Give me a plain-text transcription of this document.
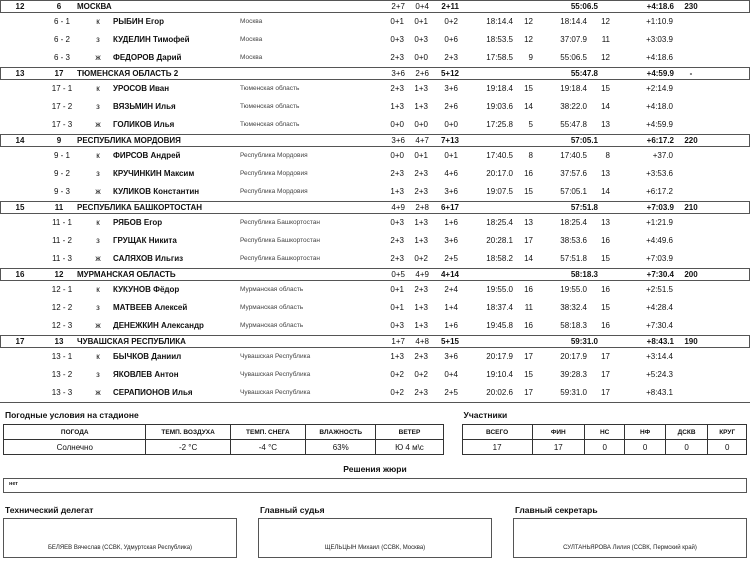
12	6	МОСКВА	2+7	0+4	2+11	55:06.5	+4:18.6	230
6 - 1	к	РЫБИН Егор	Москва	0+1	0+1	0+2	18:14.4	12	18:14.4	12	+1:10.9
6 - 2	з	КУДЕЛИН Тимофей	Москва	0+3	0+3	0+6	18:53.5	12	37:07.9	11	+3:03.9
6 - 3	ж	ФЕДОРОВ Дарий	Москва	2+3	0+0	2+3	17:58.5	9	55:06.5	12	+4:18.6
13	17	ТЮМЕНСКАЯ ОБЛАСТЬ 2	3+6	2+6	5+12	55:47.8	+4:59.9	-
17 - 1	к	УРОСОВ Иван	Тюменская область	2+3	1+3	3+6	19:18.4	15	19:18.4	15	+2:14.9
17 - 2	з	ВЯЗЬМИН Илья	Тюменская область	1+3	1+3	2+6	19:03.6	14	38:22.0	14	+4:18.0
17 - 3	ж	ГОЛИКОВ Илья	Тюменская область	0+0	0+0	0+0	17:25.8	5	55:47.8	13	+4:59.9
14	9	РЕСПУБЛИКА МОРДОВИЯ	3+6	4+7	7+13	57:05.1	+6:17.2	220
9 - 1	к	ФИРСОВ Андрей	Республика Мордовия	0+0	0+1	0+1	17:40.5	8	17:40.5	8	+37.0
9 - 2	з	КРУЧИНКИН Максим	Республика Мордовия	2+3	2+3	4+6	20:17.0	16	37:57.6	13	+3:53.6
9 - 3	ж	КУЛИКОВ Константин	Республика Мордовия	1+3	2+3	3+6	19:07.5	15	57:05.1	14	+6:17.2
15	11	РЕСПУБЛИКА БАШКОРТОСТАН	4+9	2+8	6+17	57:51.8	+7:03.9	210
11 - 1	к	РЯБОВ Егор	Республика Башкортостан	0+3	1+3	1+6	18:25.4	13	18:25.4	13	+1:21.9
11 - 2	з	ГРУЩАК Никита	Республика Башкортостан	2+3	1+3	3+6	20:28.1	17	38:53.6	16	+4:49.6
11 - 3	ж	САЛЯХОВ Ильгиз	Республика Башкортостан	2+3	0+2	2+5	18:58.2	14	57:51.8	15	+7:03.9
16	12	МУРМАНСКАЯ ОБЛАСТЬ	0+5	4+9	4+14	58:18.3	+7:30.4	200
12 - 1	к	КУКУНОВ Фёдор	Мурманская область	0+1	2+3	2+4	19:55.0	16	19:55.0	16	+2:51.5
12 - 2	з	МАТВЕЕВ Алексей	Мурманская область	0+1	1+3	1+4	18:37.4	11	38:32.4	15	+4:28.4
12 - 3	ж	ДЕНЕЖКИН Александр	Мурманская область	0+3	1+3	1+6	19:45.8	16	58:18.3	16	+7:30.4
17	13	ЧУВАШСКАЯ РЕСПУБЛИКА	1+7	4+8	5+15	59:31.0	+8:43.1	190
13 - 1	к	БЫЧКОВ Даниил	Чувашская Республика	1+3	2+3	3+6	20:17.9	17	20:17.9	17	+3:14.4
13 - 2	з	ЯКОВЛЕВ Антон	Чувашская Республика	0+2	0+2	0+4	19:10.4	15	39:28.3	17	+5:24.3
13 - 3	ж	СЕРАПИОНОВ Илья	Чувашская Республика	0+2	2+3	2+5	20:02.6	17	59:31.0	17	+8:43.1
Погодные условия на стадионе
ПОГОДА	ТЕМП. ВОЗДУХА	ТЕМП. СНЕГА	ВЛАЖНОСТЬ	ВЕТЕР
Солнечно	-2 °C	-4 °C	63%	Ю 4 м\с
Участники
ВСЕГО	ФИН	НС	НФ	ДСКВ	КРУГ
17	17	0	0	0	0
Решения жюри
нет
Технический делегат
БЕЛЯЕВ Вячеслав (ССВК, Удмуртская Республика)
Главный судья
ЩЕЛЬЦЫН Михаил (ССВК, Москва)
Главный секретарь
СУЛТАНЬЯРОВА Лилия (ССВК, Пермский край)
